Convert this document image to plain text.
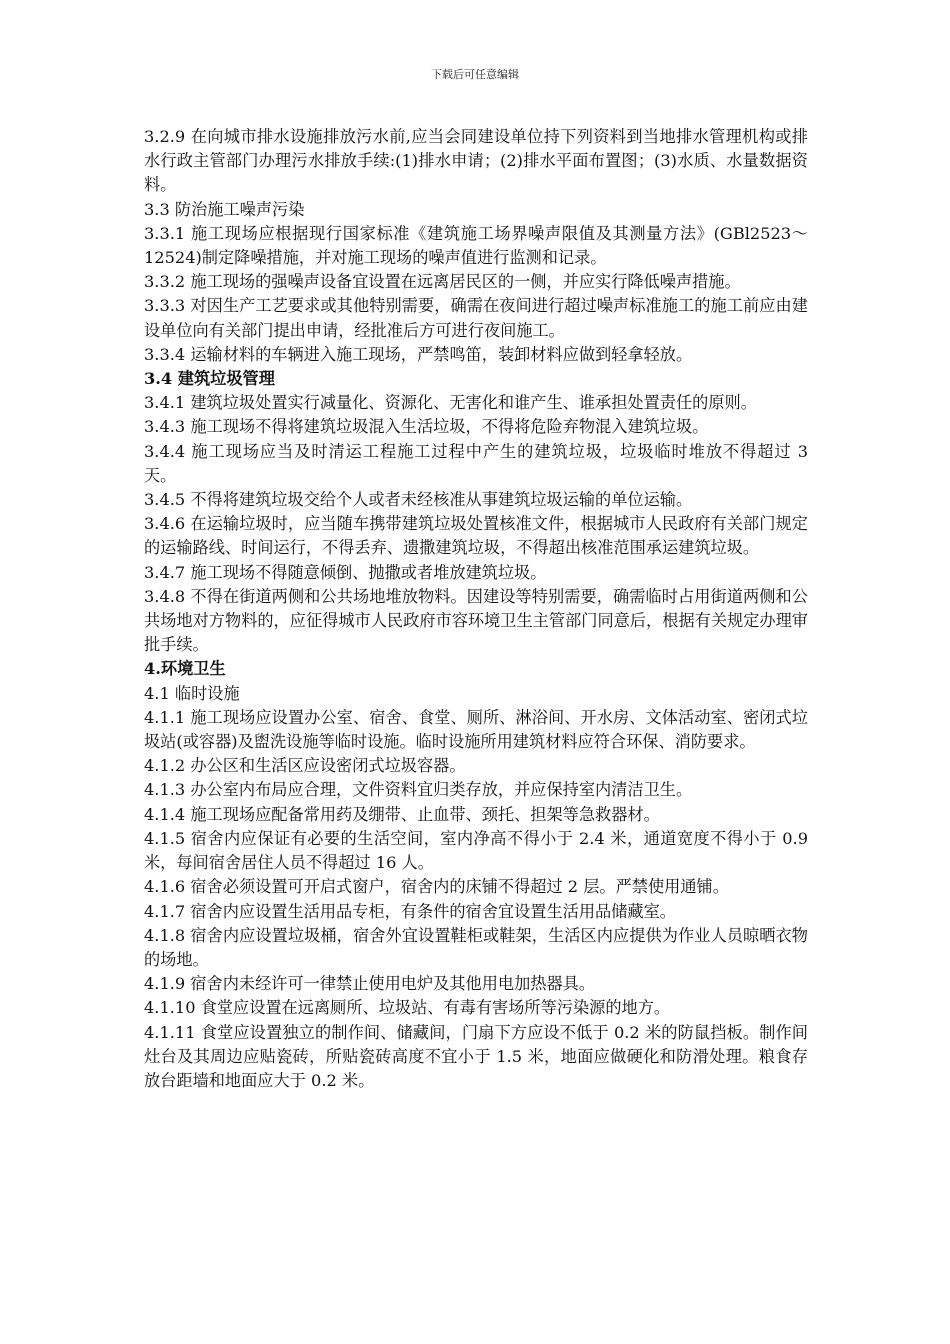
下载后可任意编辑

3.2.9 在向城市排水设施排放污水前,应当会同建设单位持下列资料到当地排水管理机构或排水行政主管部门办理污水排放手续:(1)排水申请；(2)排水平面布置图；(3)水质、水量数据资料。

3.3 防治施工噪声污染

3.3.1 施工现场应根据现行国家标准《建筑施工场界噪声限值及其测量方法》(GBl2523～12524)制定降噪措施，并对施工现场的噪声值进行监测和记录。

3.3.2 施工现场的强噪声设备宜设置在远离居民区的一侧，并应实行降低噪声措施。

3.3.3 对因生产工艺要求或其他特别需要，确需在夜间进行超过噪声标准施工的施工前应由建设单位向有关部门提出申请，经批准后方可进行夜间施工。

3.3.4 运输材料的车辆进入施工现场，严禁鸣笛，装卸材料应做到轻拿轻放。

3.4 建筑垃圾管理

3.4.1 建筑垃圾处置实行减量化、资源化、无害化和谁产生、谁承担处置责任的原则。

3.4.3 施工现场不得将建筑垃圾混入生活垃圾，不得将危险弃物混入建筑垃圾。

3.4.4 施工现场应当及时清运工程施工过程中产生的建筑垃圾，垃圾临时堆放不得超过 3 天。

3.4.5 不得将建筑垃圾交给个人或者未经核准从事建筑垃圾运输的单位运输。

3.4.6 在运输垃圾时，应当随车携带建筑垃圾处置核准文件，根据城市人民政府有关部门规定的运输路线、时间运行，不得丢弃、遗撒建筑垃圾，不得超出核准范围承运建筑垃圾。

3.4.7 施工现场不得随意倾倒、抛撒或者堆放建筑垃圾。

3.4.8 不得在街道两侧和公共场地堆放物料。因建设等特别需要，确需临时占用街道两侧和公共场地对方物料的，应征得城市人民政府市容环境卫生主管部门同意后，根据有关规定办理审批手续。

4.环境卫生

4.1 临时设施

4.1.1 施工现场应设置办公室、宿舍、食堂、厕所、淋浴间、开水房、文体活动室、密闭式垃圾站(或容器)及盥洗设施等临时设施。临时设施所用建筑材料应符合环保、消防要求。

4.1.2 办公区和生活区应设密闭式垃圾容器。

4.1.3 办公室内布局应合理，文件资料宜归类存放，并应保持室内清洁卫生。

4.1.4 施工现场应配备常用药及绷带、止血带、颈托、担架等急救器材。

4.1.5 宿舍内应保证有必要的生活空间，室内净高不得小于 2.4 米，通道宽度不得小于 0.9 米，每间宿舍居住人员不得超过 16 人。

4.1.6 宿舍必须设置可开启式窗户，宿舍内的床铺不得超过 2 层。严禁使用通铺。

4.1.7 宿舍内应设置生活用品专柜，有条件的宿舍宜设置生活用品储藏室。

4.1.8 宿舍内应设置垃圾桶，宿舍外宜设置鞋柜或鞋架，生活区内应提供为作业人员晾晒衣物的场地。

4.1.9 宿舍内未经许可一律禁止使用电炉及其他用电加热器具。

4.1.10 食堂应设置在远离厕所、垃圾站、有毒有害场所等污染源的地方。

4.1.11 食堂应设置独立的制作间、储藏间，门扇下方应设不低于 0.2 米的防鼠挡板。制作间灶台及其周边应贴瓷砖，所贴瓷砖高度不宜小于 1.5 米，地面应做硬化和防滑处理。粮食存放台距墙和地面应大于 0.2 米。
